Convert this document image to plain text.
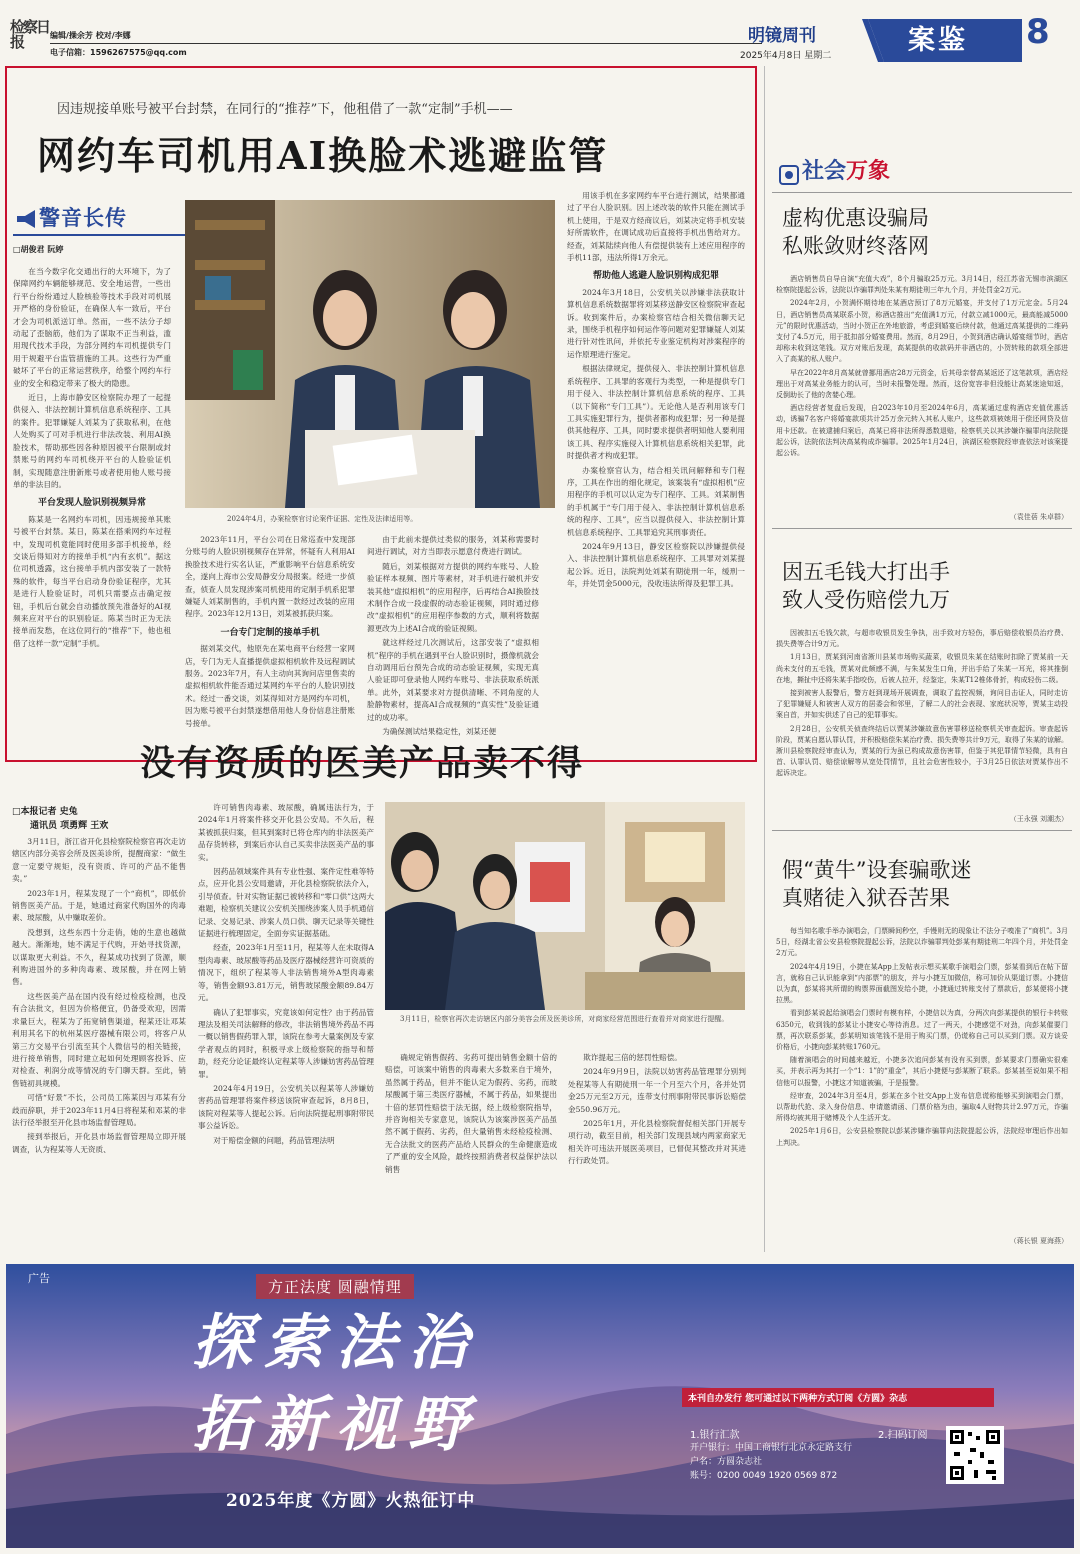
检察日报	编辑/操余芳 校对/李娜
电子信箱：1596267575@qq.com
明镜周刊
2025年4月8日 星期二	案鉴 8
因违规接单账号被平台封禁，在同行的“推荐”下，他租借了一款“定制”手机——
网约车司机用AI换脸术逃避监管
警音长传
□胡俊君 阮婷

在当今数字化交通出行的大环境下，为了保障网约车辆能够规范、安全地运营，一些出行平台纷纷通过人脸核验等技术手段对司机展开严格的身份验证，在确保人车一致后，平台才会为司机派送订单。然而，一些不法分子却动起了歪脑筋，他们为了谋取不正当利益，滥用现代技术手段，为部分网约车司机提供专门用于规避平台监管措施的工具。这些行为严重破坏了平台的正常运营秩序，给整个网约车行业的安全和稳定带来了极大的隐患。

近日，上海市静安区检察院办理了一起提供侵入、非法控制计算机信息系统程序、工具的案件。犯罪嫌疑人刘某为了获取私利，在他人处购买了可对手机进行非法改装、利用AI换脸技术，帮助那些因各种原因被平台限制或封禁账号的网约车司机绕开平台的人脸验证机制，实现随意注册新账号或者使用他人账号接单的非法目的。

平台发现人脸识别视频异常

陈某是一名网约车司机，因违规接单其账号被平台封禁。某日，陈某在搭乘网约车过程中，发现司机竟能同时使用多部手机接单，经交谈后得知对方的接单手机“内有玄机”。据这位司机透露，这台接单手机内部安装了一款特殊的软件，每当平台启动身份验证程序，尤其是进行人脸验证时，司机只需要点击确定按钮，手机后台就会自动播放预先准备好的AI视频来应对平台的识别验证。陈某当时正为无法接单而发愁，在这位同行的“推荐”下，他也租借了这样一款“定制”手机。

2024年4月，办案检察官讨论案件证据、定性及法律适用等。

2023年11月，平台公司在日常巡查中发现部分账号的人脸识别视频存在异常，怀疑有人利用AI换脸技术进行实名认证，严重影响平台信息系统安全，遂向上海市公安局静安分局报案。经进一步侦查，侦查人员发现涉案司机使用的定制手机系犯罪嫌疑人刘某制售的，手机内置一款经过改装的应用程序。2023年12月13日，刘某被抓获归案。

一台专门定制的接单手机

据刘某交代，他原先在某电商平台经营一家网店，专门为无人直播提供虚拟相机软件及远程调试服务。2023年7月，有人主动向其询问店里售卖的虚拟相机软件能否通过某网约车平台的人脸识别技术。经过一番交谈，刘某得知对方是网约车司机，因为账号被平台封禁遂想借用他人身份信息注册账号接单。

由于此前未提供过类似的服务，刘某称需要时间进行调试，对方当即表示愿意付费进行调试。

随后，刘某根据对方提供的网约车账号、人脸验证样本视频、图片等素材，对手机进行破机并安装其他“虚拟相机”的应用程序，后再结合AI换脸技术制作合成一段虚假的动态验证视频，同时通过修改“虚拟相机”的应用程序参数的方式，顺利将数据源更改为上述AI合成的验证视频。

就这样经过几次测试后，这部安装了“虚拟相机”程序的手机在遇到平台人脸识别时，摄像机就会自动调用后台预先合成的动态验证视频，实现无真人验证即可登录他人网约车账号、非法获取系统派单。此外，刘某要求对方提供清晰、不同角度的人脸静物素材，提高AI合成视频的“真实性”及验证通过的成功率。

为确保测试结果稳定性，刘某还便

用该手机在多家网约车平台进行测试，结果都通过了平台人脸识别。因上述改装的软件只能在测试手机上使用，于是双方经商议后，刘某决定将手机安装好所需软件，在调试成功后直接将手机出售给对方。经查，刘某陆续向他人有偿提供装有上述应用程序的手机11部，违法所得1万余元。

帮助他人逃避人脸识别构成犯罪

2024年3月18日，公安机关以涉嫌非法获取计算机信息系统数据罪将刘某移送静安区检察院审查起诉。收到案件后，办案检察官结合相关微信聊天记录，围绕手机程序如何运作等问题对犯罪嫌疑人刘某进行针对性讯问，并依托专业鉴定机构对涉案程序的运作原理进行鉴定。

根据法律规定，提供侵入、非法控制计算机信息系统程序、工具罪的客观行为类型，一种是提供专门用于侵入、非法控制计算机信息系统的程序、工具（以下简称“专门工具”）。无论他人是否利用该专门工具实施犯罪行为，提供者都构成犯罪；另一种是提供其他程序、工具，同时要求提供者明知他人要利用该工具、程序实施侵入计算机信息系统相关犯罪，此时提供者才构成犯罪。

办案检察官认为，结合相关讯问解释和专门程序，工具在作出的细化规定，该案装有“虚拟相机”应用程序的手机可以认定为专门程序、工具。刘某制售的手机属于“专门用于侵入、非法控制计算机信息系统的程序、工具”，应当以提供侵入、非法控制计算机信息系统程序、工具罪追究其刑事责任。

2024年9月13日，静安区检察院以涉嫌提供侵入、非法控制计算机信息系统程序、工具罪对刘某提起公诉。近日，法院判处刘某有期徒刑一年，缓刑一年，并处罚金5000元，没收违法所得及犯罪工具。

没有资质的医美产品卖不得
□本报记者 史兔
通讯员 项勇辉 王欢

3月11日，浙江省开化县检察院检察官再次走访辖区内部分美容会所及医美诊所，提醒商家：“做生意一定要守规矩，没有资质、许可的产品不能售卖。”

2023年1月，程某发现了一个“商机”，即低价销售医美产品。于是，她通过商家代购国外的肉毒素、玻尿酸，从中赚取差价。

没想到，这些东西十分走俏，她的生意也越做越大。渐渐地，她不满足于代购，开始寻找货源，以谋取更大利益。不久，程某成功找到了货源，顺利购进国外的多种肉毒素、玻尿酸，并在网上销售。

这些医美产品在国内没有经过检疫检测，也没有合法批文，但因为价格便宜，仍备受欢迎，因需求量巨大，程某为了拓宽销售渠道，程某还让邓某利用其名下的杭州某医疗器械有限公司，将客户从第三方交易平台引流至其个人微信号的相关链接，进行接单销售，同时建立起如何处理顾客投诉、应对检查、利润分成等情况的专门聊天群。至此，销售链初具规模。

可惜“好景”不长，公司员工陈某因与邓某有分歧而辞职，并于2023年11月4日将程某和邓某的非法行径举报至开化县市场监督管理局。

接到举报后，开化县市场监督管理局立即开展调查，认为程某等人无资质、

许可销售肉毒素、玻尿酸，确属违法行为，于2024年1月将案件移交开化县公安局。不久后，程某被抓获归案，但其到案时已将仓库内的非法医美产品存货转移，到案后亦认自己买卖非法医美产品的事实。

因药品领域案件具有专业性强、案件定性难等特点，应开化县公安局邀请，开化县检察院依法介入，引导侦查。针对实物证据已被转移和“零口供”这两大难题，检察机关建议公安机关围绕涉案人员手机通信记录、交易记录、涉案人员口供、聊天记录等关键性证据进行梳理固定，全面夯实证据基础。

经查，2023年1月至11月，程某等人在未取得A型肉毒素、玻尿酸等药品及医疗器械经营许可资质的情况下，组织了程某等人非法销售境外A型肉毒素等，销售金额93.81万元，销售玻尿酸金额89.84万元。

确认了犯罪事实，究竟该如何定性？由于药品管理法及相关司法解释的修改，非法销售境外药品不再一概以销售假药罪入罪，该院在参考大量案例及专家学者观点的同时，积极寻求上级检察院的指导和帮助，经充分论证最终认定程某等人涉嫌妨害药品管理罪。

2024年4月19日，公安机关以程某等人涉嫌妨害药品管理罪将案件移送该院审查起诉，8月8日，该院对程某等人提起公诉。后向法院提起刑事附带民事公益诉讼。

对于赔偿金额的问题，药品管理法明

3月11日，检察官再次走访辖区内部分美容会所及医美诊所，对商家经营范围进行查看并对商家进行提醒。

确规定销售假药、劣药可提出销售金额十倍的赔偿，可该案中销售的肉毒素大多数来自于境外，虽然属于药品，但并不能认定为假药、劣药，而玻尿酸属于第三类医疗器械，不属于药品，如果提出十倍的惩罚性赔偿于法无据，经上级检察院指导，并咨询相关专家意见，该院认为该案涉医美产品虽然不属于假药、劣药，但大量销售未经检疫检测、无合法批文的医药产品给人民群众的生命健康造成了严重的安全风险，最终按照消费者权益保护法以销售

欺诈提起三倍的惩罚性赔偿。

2024年9月9日，法院以妨害药品管理罪分别判处程某等人有期徒刑一年一个月至六个月，各并处罚金25万元至2万元，连带支付刑事附带民事诉讼赔偿金550.96万元。

2025年1月，开化县检察院督促相关部门开展专项行动，截至目前，相关部门发现县域内两家商家无相关许可违法开展医美项目，已督促其整改并对其进行行政处罚。

社会万象
虚构优惠设骗局
私账敛财终落网

酒店销售员自导自演“充值大戏”，8个月骗取25万元。3月14日，经江苏省无锡市滨湖区检察院提起公诉，法院以诈骗罪判处朱某有期徒刑三年九个月，并处罚金2万元。

2024年2月，小贺满怀期待地在某酒店预订了8万元婚宴，并支付了1万元定金。5月24日，酒店销售员高某联系小贺，称酒店推出“充值满1万元，付款立减1000元，最高能减5000元”的限时优惠活动，当时小贺正在外地旅游，考虑到婚宴后续付款，他通过高某提供的二维码支付了4.5万元，用于抵扣部分婚宴费用。然而，8月29日，小贺到酒店确认婚宴细节时，酒店却称未收到这笔钱。双方对账后发现，高某提供的收款码并非酒店的，小贺转账的款项全部进入了高某的私人账户。

早在2022年8月高某就曾挪用酒店28万元资金，后其母亲替高某返还了这笔款项，酒店经理出于对高某业务能力的认可，当时未报警处理。然而，这份宽容非但没能让高某迷途知返，反倒助长了他的贪婪心理。

酒店经营者复盘后发现，自2023年10月至2024年6月，高某通过虚构酒店充值优惠活动，诱骗7名客户将婚宴款项共计25万余元转入其私人账户，这些款项被她用于偿还网贷及信用卡还款。在被逮捕归案后，高某已将非法所得悉数退赔，检察机关以其涉嫌诈骗罪向法院提起公诉，法院依法判决高某构成诈骗罪。2025年1月24日，滨湖区检察院经审查依法对该案提起公诉。

（袁佳蓓 朱卓群）
因五毛钱大打出手
致人受伤赔偿九万

因被扣五毛钱欠款，与超市收银员发生争执，出手致对方轻伤，事后赔偿收银员治疗费、损失费等合计9万元。

1月13日，贾某到河南省淅川县某市场购买蔬菜，收银员朱某在结账时扣除了贾某前一天尚未支付的五毛钱，贾某对此颇感不满，与朱某发生口角，并出手给了朱某一耳光，将其推倒在地，撕扯中还将朱某手指咬伤，后被人拉开，经鉴定，朱某T12椎体骨折，构成轻伤二级。

接到被害人报警后，警方赶到现场开展调查，调取了监控视频，询问目击证人，同时走访了犯罪嫌疑人和被害人双方的居委会和邻里，了解二人的社会表现、家庭状况等，贾某主动投案自首，并如实供述了自己的犯罪事实。

2月28日，公安机关侦查终结后以贾某涉嫌故意伤害罪移送检察机关审查起诉。审查起诉阶段，贾某自愿认罪认罚，并积极赔偿朱某治疗费、损失费等共计9万元，取得了朱某的谅解。淅川县检察院经审查认为，贾某的行为虽已构成故意伤害罪，但鉴于其犯罪情节轻微，具有自首、认罪认罚、赔偿谅解等从宽处罚情节，且社会危害性较小，于3月25日依法对贾某作出不起诉决定。

（王永强 刘潮杰）
假“黄牛”设套骗歌迷
真赌徒入狱吞苦果

每当知名歌手举办演唱会，门票瞬间秒空，手慢则无的现象让不法分子嗅准了“商机”。3月5日，经湖北省公安县检察院提起公诉，法院以诈骗罪判处彭某有期徒刑二年四个月，并处罚金2万元。

2024年4月19日，小捷在某App上发帖表示想买某歌手演唱会门票，彭某看到后在帖下留言，就称自己认识能拿到“内部票”的朋友，并与小捷互加微信，称可加价从渠道订票。小捷信以为真，彭某将其所谓的购票界面截图发给小捷，小捷通过转账支付了票款后，彭某便将小捷拉黑。

看到彭某说起给演唱会门票时有模有样，小捷信以为真，分两次向彭某提供的银行卡转账6350元，收到钱的彭某让小捷安心等待消息。过了一两天，小捷感觉不对劲，向彭某催要门票，再次联系彭某，彭某明知该笔钱不是用于购买门票，仍谎称自己可以买到门票。双方谈妥价格后，小捷向彭某转账1760元。

随着演唱会的时间越来越近，小捷多次追问彭某有没有买到票，彭某要求门票确实很难买，并表示再为其打一个“1：1”的“重金”，其后小捷便与彭某断了联系。彭某甚至说如果不相信他可以报警，小捷这才知道被骗，于是报警。

经审查，2024年3月至4月，彭某在多个社交App上发布信息谎称能够买到演唱会门票，以帮助代抢、录入身份信息、申请邀请函、门票价格为由，骗取4人财物共计2.97万元，诈骗所得均被其用于赌博及个人生活开支。

2025年1月6日，公安县检察院以彭某涉嫌诈骗罪向法院提起公诉，法院经审理后作出如上判决。

（蒋长银 夏海燕）
广告	方正法度 圆融情理
探索法治
拓新视野
2025年度《方圆》火热征订中
本刊自办发行 您可通过以下两种方式订阅《方圆》杂志
1.银行汇款
开户银行：中国工商银行北京永定路支行
户名：方圆杂志社
账号：0200 0049 1920 0569 872
2.扫码订阅
